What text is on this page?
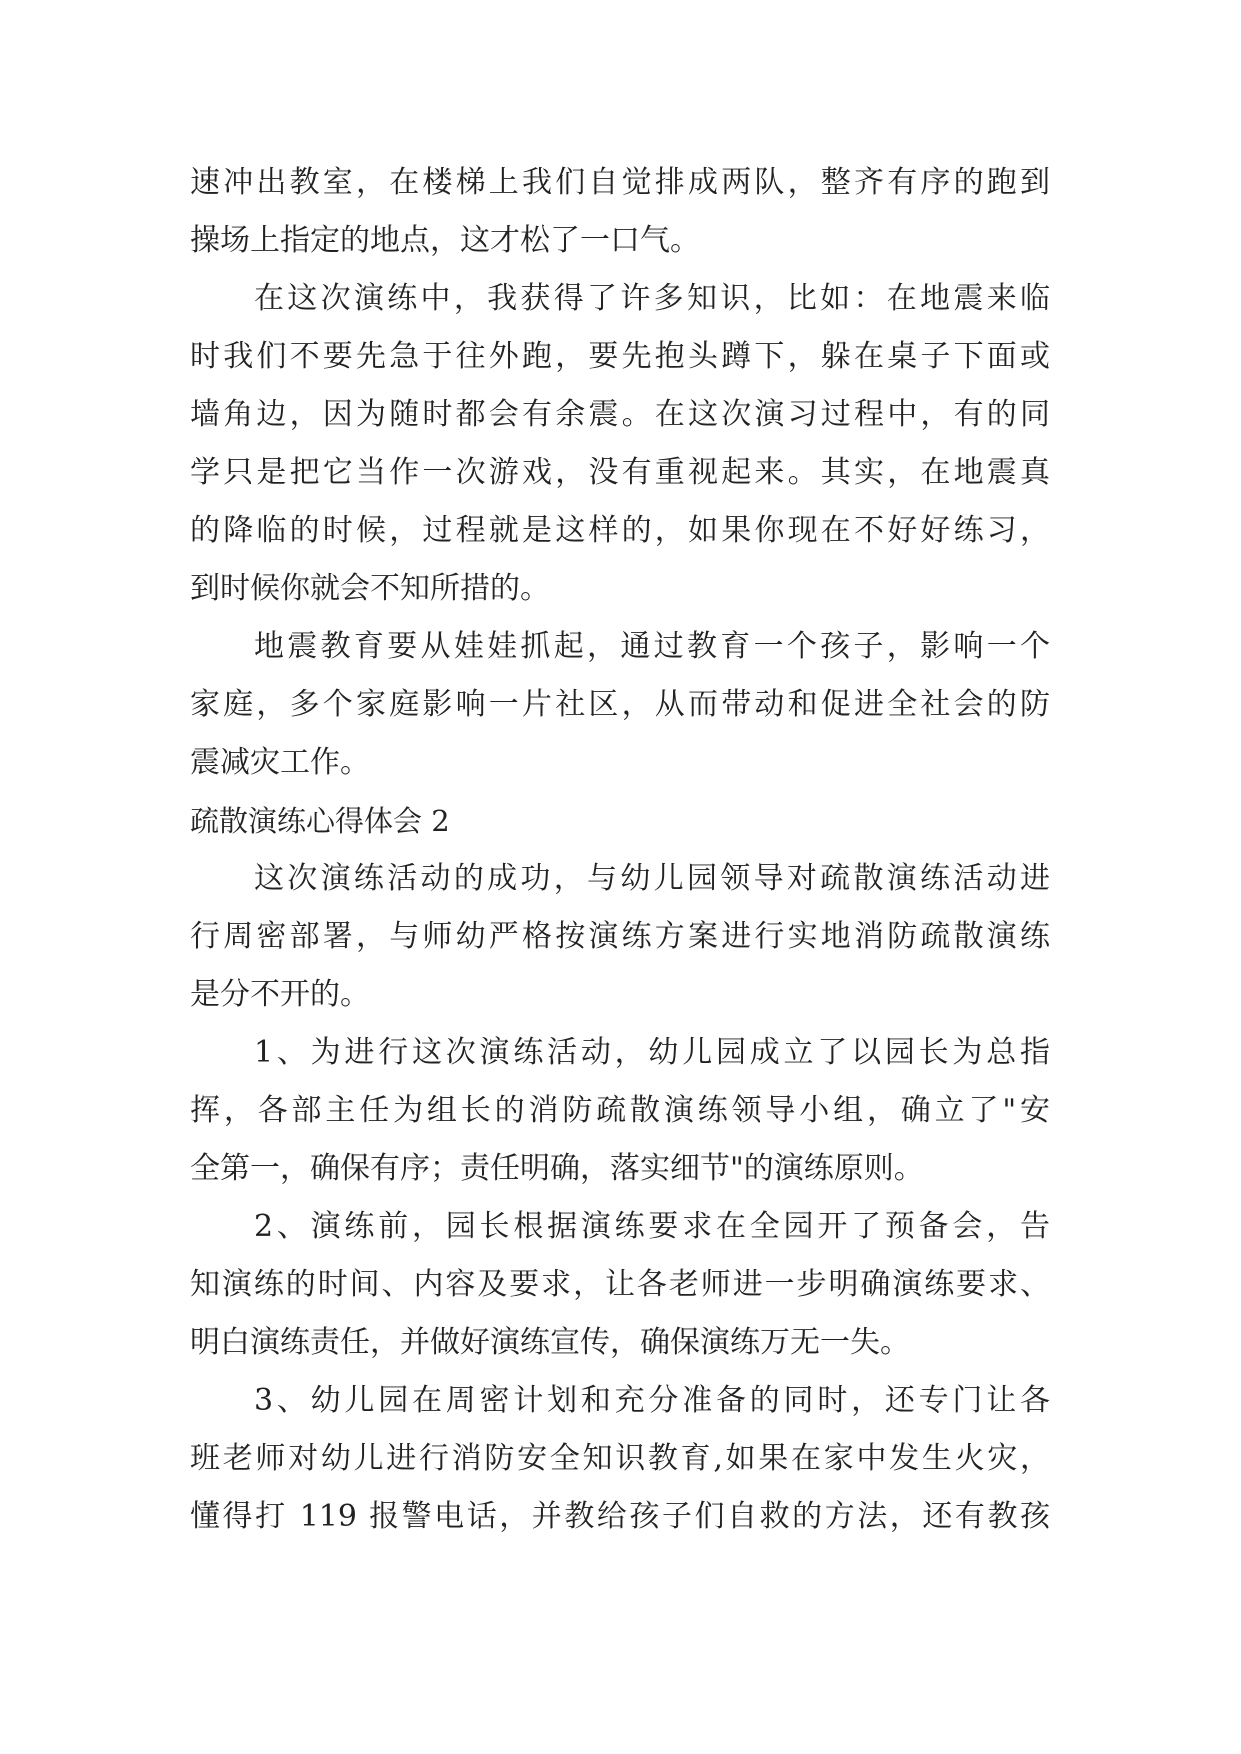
速冲出教室，在楼梯上我们自觉排成两队，整齐有序的跑到
操场上指定的地点，这才松了一口气。
在这次演练中，我获得了许多知识，比如：在地震来临
时我们不要先急于往外跑，要先抱头蹲下，躲在桌子下面或
墙角边，因为随时都会有余震。在这次演习过程中，有的同
学只是把它当作一次游戏，没有重视起来。其实，在地震真
的降临的时候，过程就是这样的，如果你现在不好好练习，
到时候你就会不知所措的。
地震教育要从娃娃抓起，通过教育一个孩子，影响一个
家庭，多个家庭影响一片社区，从而带动和促进全社会的防
震减灾工作。
疏散演练心得体会 2
这次演练活动的成功，与幼儿园领导对疏散演练活动进
行周密部署，与师幼严格按演练方案进行实地消防疏散演练
是分不开的。
1、为进行这次演练活动，幼儿园成立了以园长为总指
挥，各部主任为组长的消防疏散演练领导小组，确立了"安
全第一，确保有序；责任明确，落实细节"的演练原则。
2、演练前，园长根据演练要求在全园开了预备会，告
知演练的时间、内容及要求，让各老师进一步明确演练要求、
明白演练责任，并做好演练宣传，确保演练万无一失。
3、幼儿园在周密计划和充分准备的同时，还专门让各
班老师对幼儿进行消防安全知识教育,如果在家中发生火灾，
懂得打 119 报警电话，并教给孩子们自救的方法，还有教孩
